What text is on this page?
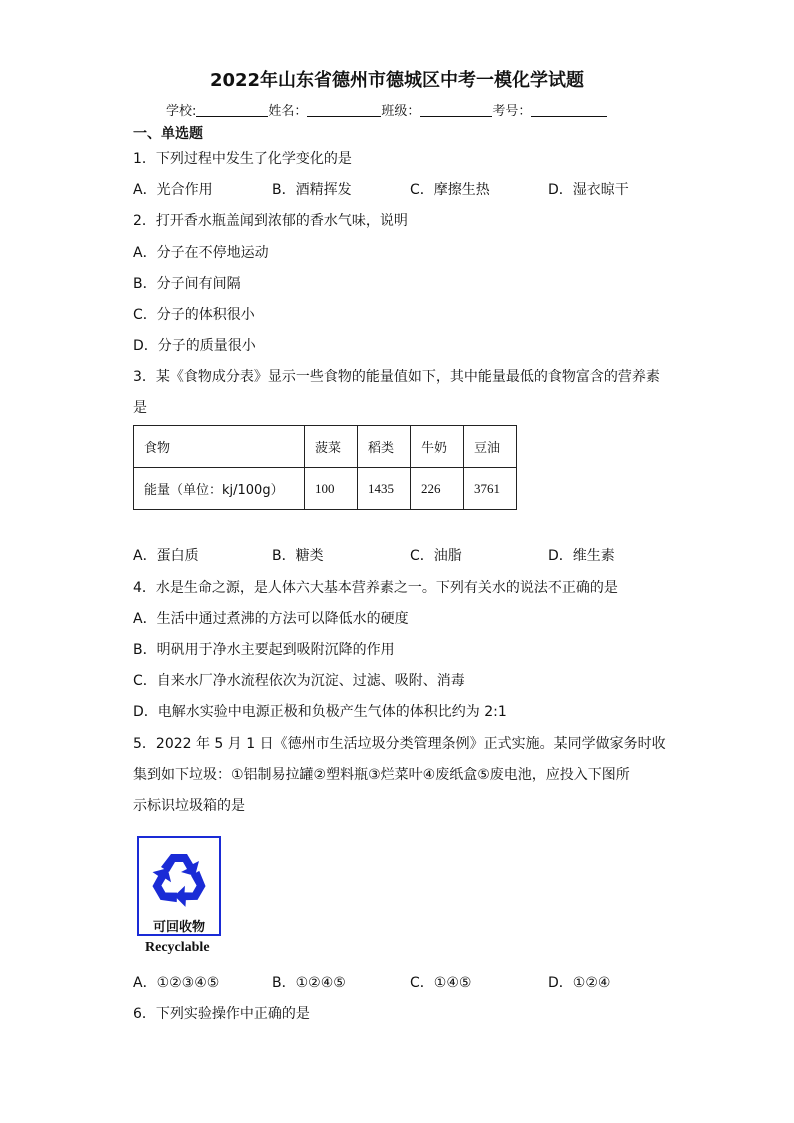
2022年山东省德州市德城区中考一模化学试题
学校:	姓名：	班级：	考号：
一、单选题
1．下列过程中发生了化学变化的是
A．光合作用	B．酒精挥发	C．摩擦生热	D．湿衣晾干
2．打开香水瓶盖闻到浓郁的香水气味，说明
A．分子在不停地运动
B．分子间有间隔
C．分子的体积很小
D．分子的质量很小
3．某《食物成分表》显示一些食物的能量值如下，其中能量最低的食物富含的营养素
是
食物	菠菜	稻类	牛奶	豆油
能量（单位：kj/100g）	100	1435	226	3761
A．蛋白质	B．糖类	C．油脂	D．维生素
4．水是生命之源，是人体六大基本营养素之一。下列有关水的说法不正确的是
A．生活中通过煮沸的方法可以降低水的硬度
B．明矾用于净水主要起到吸附沉降的作用
C．自来水厂净水流程依次为沉淀、过滤、吸附、消毒
D．电解水实验中电源正极和负极产生气体的体积比约为 2:1
5．2022 年 5 月 1 日《德州市生活垃圾分类管理条例》正式实施。某同学做家务时收
集到如下垃圾：①铝制易拉罐②塑料瓶③烂菜叶④废纸盒⑤废电池，应投入下图所
示标识垃圾箱的是
可回收物
Recyclable
A．①②③④⑤	B．①②④⑤	C．①④⑤	D．①②④
6．下列实验操作中正确的是
